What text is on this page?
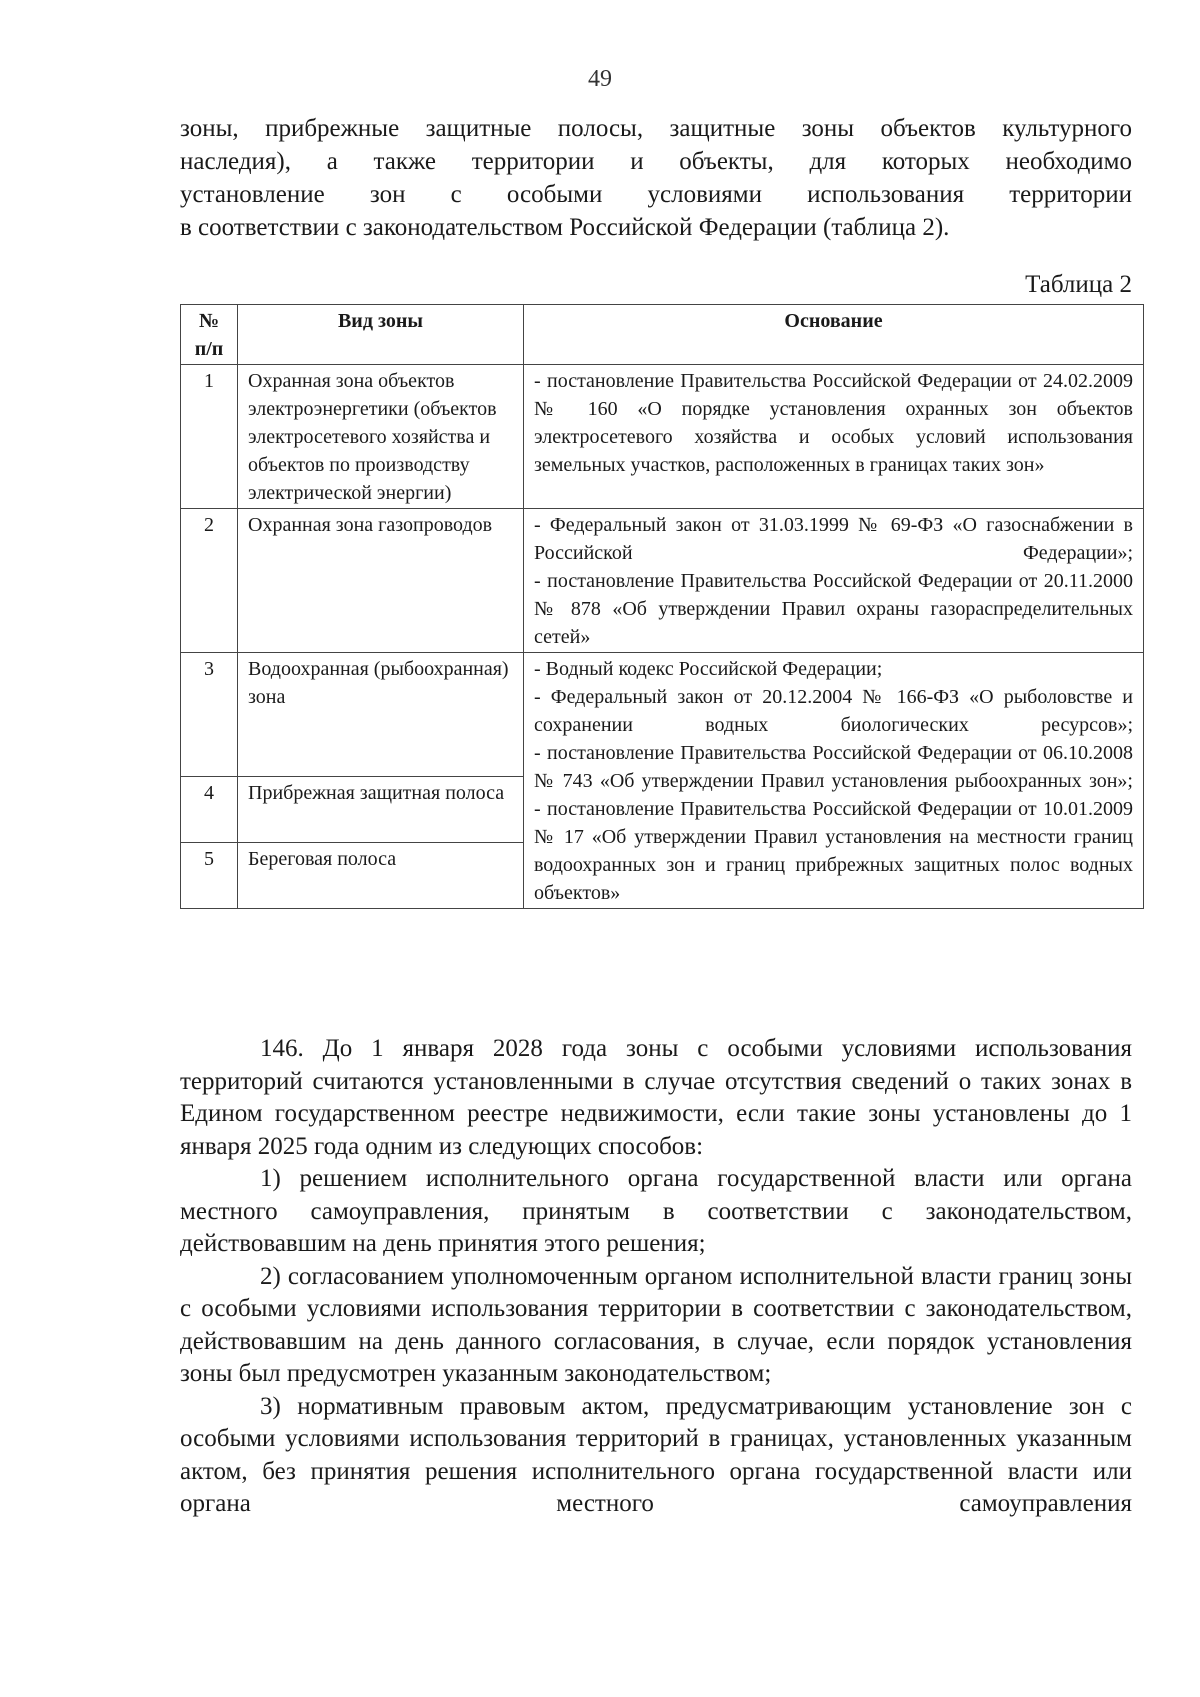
49

зоны, прибрежные защитные полосы, защитные зоны объектов культурного

наследия), а также территории и объекты, для которых необходимо

установление зон с особыми условиями использования территории

в соответствии с законодательством Российской Федерации (таблица 2).

Таблица 2
№ п/п	Вид зоны	Основание
1	Охранная зона объектов электроэнергетики (объектов электросетевого хозяйства и объектов по производству электрической энергии)	- постановление Правительства Российской Федерации от 24.02.2009 № 160 «О порядке установления охранных зон объектов электросетевого хозяйства и особых условий использования земельных участков, расположенных в границах таких зон»

2	Охранная зона газопроводов	- Федеральный закон от 31.03.1999 № 69-ФЗ «О газоснабжении в Российской Федерации»;

- постановление Правительства Российской Федерации от 20.11.2000 № 878 «Об утверждении Правил охраны газораспределительных сетей»

3	Водоохранная (рыбоохранная) зона	- Водный кодекс Российской Федерации;

- Федеральный закон от 20.12.2004 № 166-ФЗ «О рыболовстве и сохранении водных биологических ресурсов»;

- постановление Правительства Российской Федерации от 06.10.2008 № 743 «Об утверждении Правил установления рыбоохранных зон»;

- постановление Правительства Российской Федерации от 10.01.2009 № 17 «Об утверждении Правил установления на местности границ водоохранных зон и границ прибрежных защитных полос водных объектов»

4	Прибрежная защитная полоса	
5	Береговая полоса	

146. До 1 января 2028 года зоны с особыми условиями использования территорий считаются установленными в случае отсутствия сведений о таких зонах в Едином государственном реестре недвижимости, если такие зоны установлены до 1 января 2025 года одним из следующих способов:

1) решением исполнительного органа государственной власти или органа местного самоуправления, принятым в соответствии с законодательством, действовавшим на день принятия этого решения;

2) согласованием уполномоченным органом исполнительной власти границ зоны с особыми условиями использования территории в соответствии с законодательством, действовавшим на день данного согласования, в случае, если порядок установления зоны был предусмотрен указанным законодательством;

3) нормативным правовым актом, предусматривающим установление зон с особыми условиями использования территорий в границах, установленных указанным актом, без принятия решения исполнительного органа государственной власти или органа местного самоуправления
